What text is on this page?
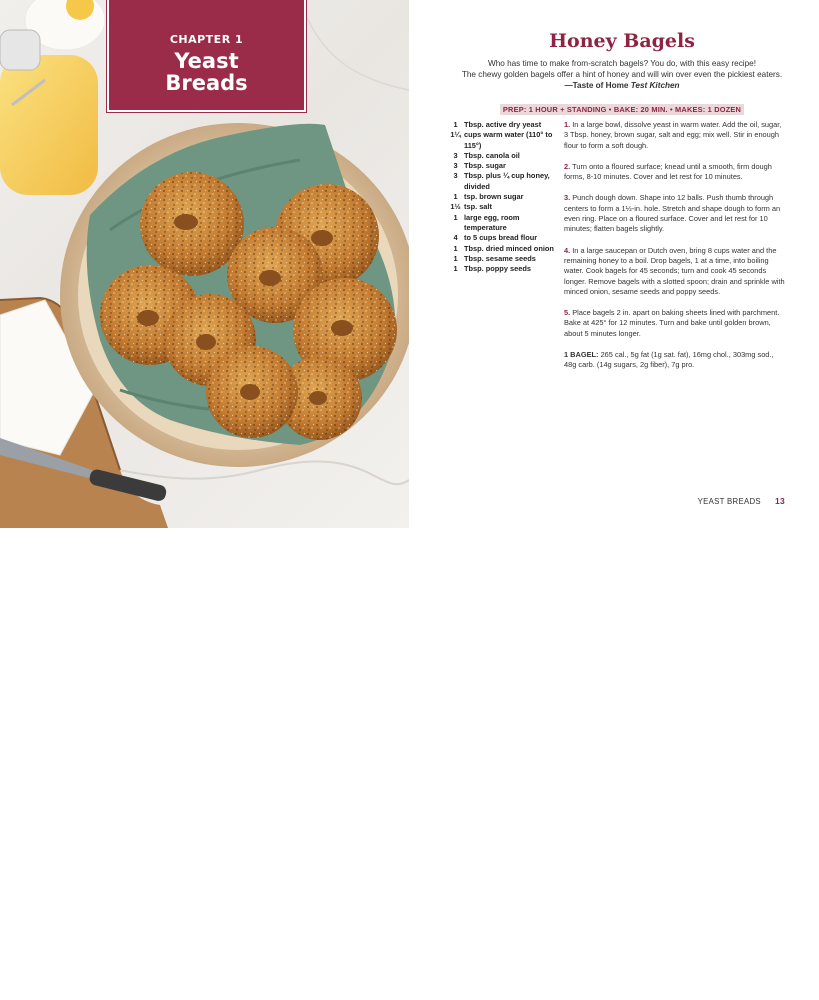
CHAPTER 1
Yeast
Breads
Honey Bagels
Who has time to make from-scratch bagels? You do, with this easy recipe!
The chewy golden bagels offer a hint of honey and will win over even the pickiest eaters.
—Taste of Home Test Kitchen
PREP: 1 HOUR + STANDING • BAKE: 20 MIN. • MAKES: 1 DOZEN
1 Tbsp. active dry yeast
1¼ cups warm water (110° to 115°)
3 Tbsp. canola oil
3 Tbsp. sugar
3 Tbsp. plus ¼ cup honey, divided
1 tsp. brown sugar
1½ tsp. salt
1 large egg, room temperature
4 to 5 cups bread flour
1 Tbsp. dried minced onion
1 Tbsp. sesame seeds
1 Tbsp. poppy seeds

1. In a large bowl, dissolve yeast in warm water. Add the oil, sugar, 3 Tbsp. honey, brown sugar, salt and egg; mix well. Stir in enough flour to form a soft dough.

2. Turn onto a floured surface; knead until a smooth, firm dough forms, 8-10 minutes. Cover and let rest for 10 minutes.

3. Punch dough down. Shape into 12 balls. Push thumb through centers to form a 1½-in. hole. Stretch and shape dough to form an even ring. Place on a floured surface. Cover and let rest for 10 minutes; flatten bagels slightly.

4. In a large saucepan or Dutch oven, bring 8 cups water and the remaining honey to a boil. Drop bagels, 1 at a time, into boiling water. Cook bagels for 45 seconds; turn and cook 45 seconds longer. Remove bagels with a slotted spoon; drain and sprinkle with minced onion, sesame seeds and poppy seeds.

5. Place bagels 2 in. apart on baking sheets lined with parchment. Bake at 425° for 12 minutes. Turn and bake until golden brown, about 5 minutes longer.

1 BAGEL: 265 cal., 5g fat (1g sat. fat), 16mg chol., 303mg sod., 48g carb. (14g sugars, 2g fiber), 7g pro.

YEAST BREADS 13
